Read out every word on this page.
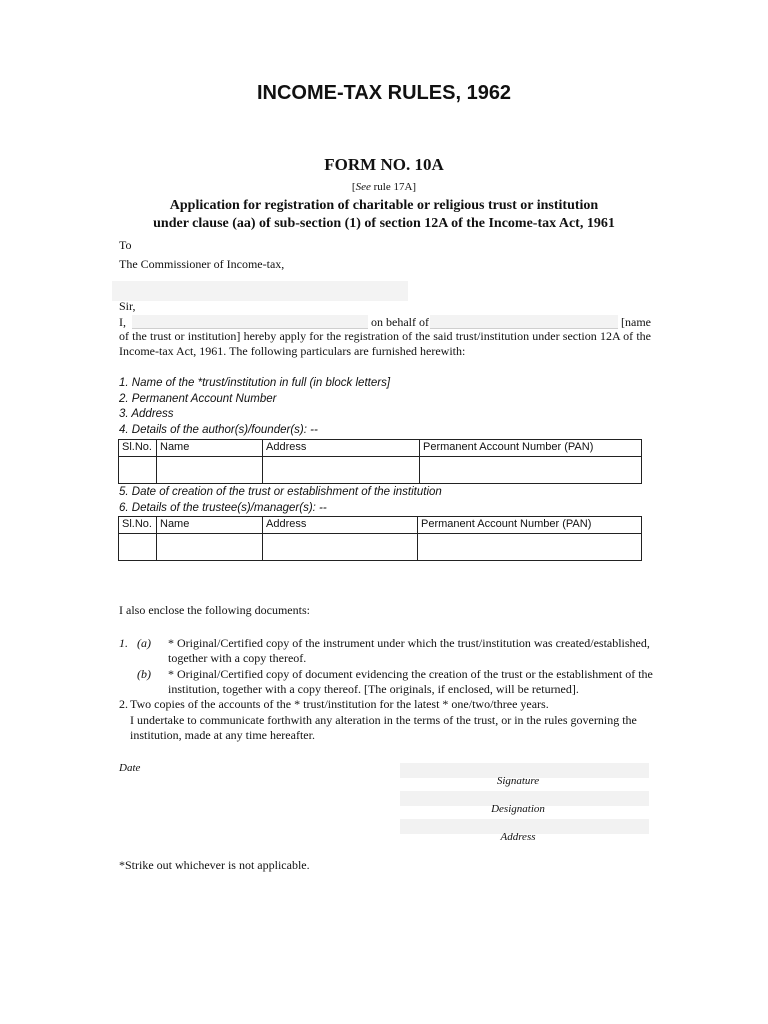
INCOME-TAX RULES, 1962
FORM NO. 10A
[See rule 17A]
Application for registration of charitable or religious trust or institution
under clause (aa) of sub-section (1) of section 12A of the Income-tax Act, 1961
To
The Commissioner of Income-tax,
Sir,
I,	on behalf of	[name
of the trust or institution] hereby apply for the registration of the said trust/institution under section 12A of the Income-tax Act, 1961. The following particulars are furnished herewith:
1. Name of the *trust/institution in full (in block letters]
2. Permanent Account Number
3. Address
4. Details of the author(s)/founder(s): --
Sl.No.	Name	Address	Permanent Account Number (PAN)

5. Date of creation of the trust or establishment of the institution
6. Details of the trustee(s)/manager(s): --
Sl.No.	Name	Address	Permanent Account Number (PAN)

I also enclose the following documents:
1. (a) * Original/Certified copy of the instrument under which the trust/institution was created/established,
together with a copy thereof.
(b) * Original/Certified copy of document evidencing the creation of the trust or the establishment of the
institution, together with a copy thereof. [The originals, if enclosed, will be returned].
2. Two copies of the accounts of the * trust/institution for the latest * one/two/three years.
I undertake to communicate forthwith any alteration in the terms of the trust, or in the rules governing the
institution, made at any time hereafter.
Date
Signature
Designation
Address
*Strike out whichever is not applicable.
